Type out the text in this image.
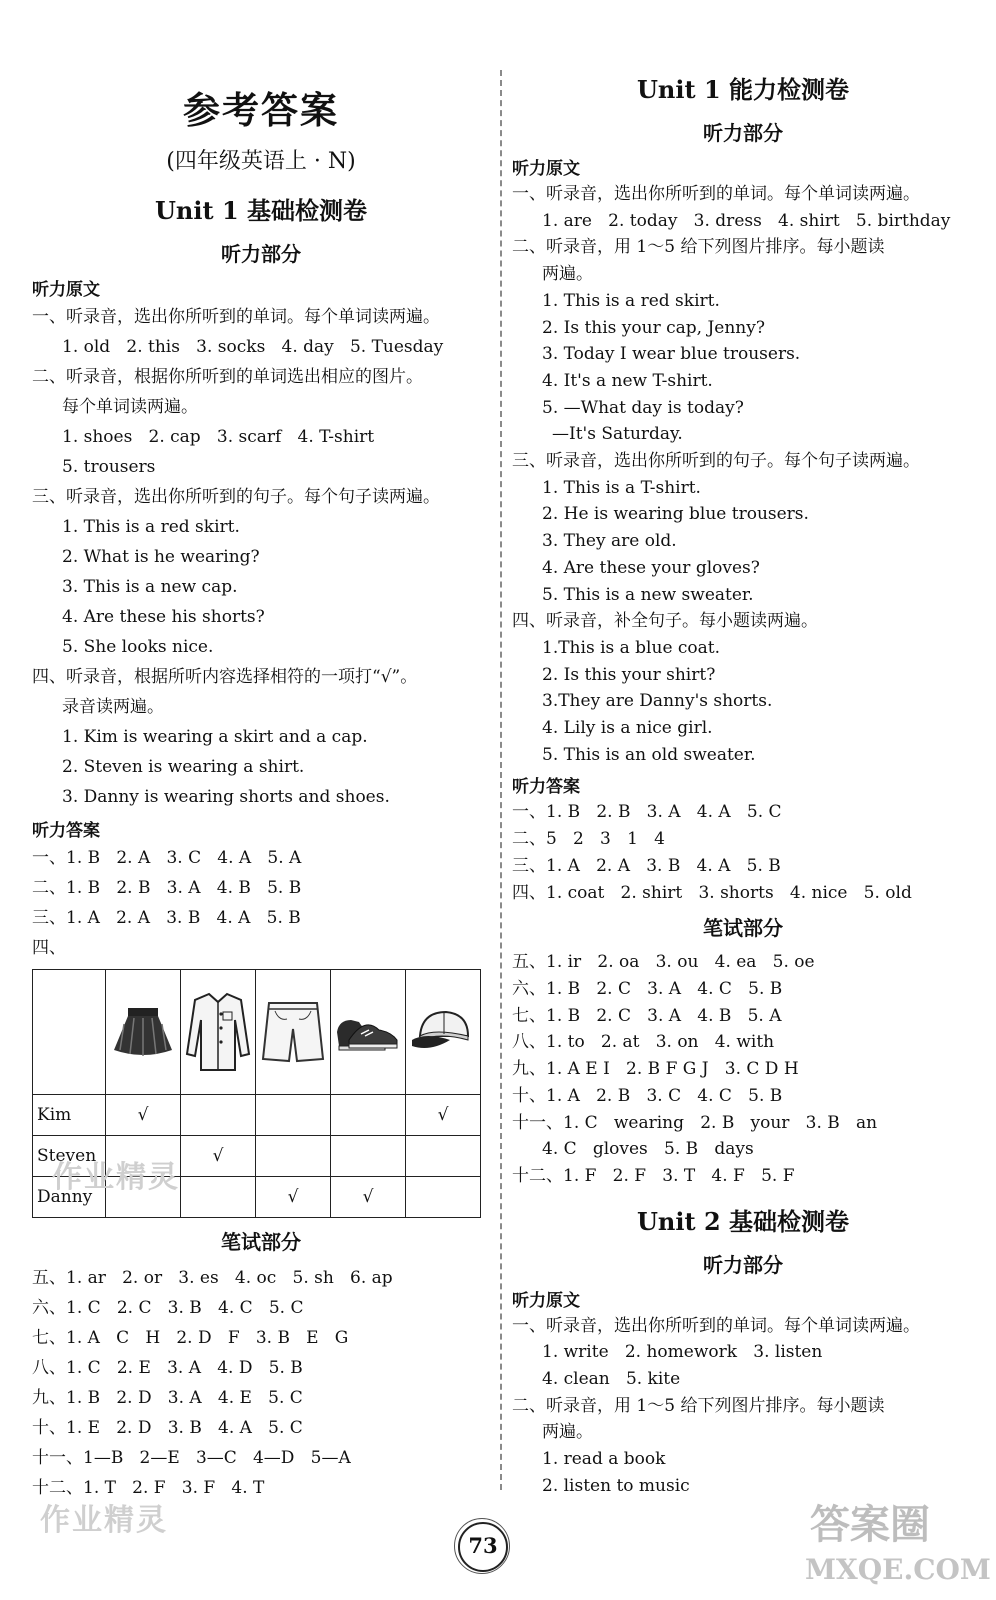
参考答案
(四年级英语上 · N)
Unit 1 基础检测卷
听力部分
听力原文
一、听录音，选出你所听到的单词。每个单词读两遍。
1. old   2. this   3. socks   4. day   5. Tuesday
二、听录音，根据你所听到的单词选出相应的图片。
每个单词读两遍。
1. shoes   2. cap   3. scarf   4. T-shirt
5. trousers
三、听录音，选出你所听到的句子。每个句子读两遍。
1. This is a red skirt.
2. What is he wearing?
3. This is a new cap.
4. Are these his shorts?
5. She looks nice.
四、听录音，根据所听内容选择相符的一项打“√”。
录音读两遍。
1. Kim is wearing a skirt and a cap.
2. Steven is wearing a shirt.
3. Danny is wearing shorts and shoes.
听力答案
一、1. B   2. A   3. C   4. A   5. A
二、1. B   2. B   3. A   4. B   5. B
三、1. A   2. A   3. B   4. A   5. B
四、

Kim	√				√
Steven		√			
Danny			√	√	
笔试部分
五、1. ar   2. or   3. es   4. oc   5. sh   6. ap
六、1. C   2. C   3. B   4. C   5. C
七、1. A   C   H   2. D   F   3. B   E   G
八、1. C   2. E   3. A   4. D   5. B
九、1. B   2. D   3. A   4. E   5. C
十、1. E   2. D   3. B   4. A   5. C
十一、1—B   2—E   3—C   4—D   5—A
十二、1. T   2. F   3. F   4. T
Unit 1 能力检测卷
听力部分
听力原文
一、听录音，选出你所听到的单词。每个单词读两遍。
1. are   2. today   3. dress   4. shirt   5. birthday
二、听录音，用 1～5 给下列图片排序。每小题读
两遍。
1. This is a red skirt.
2. Is this your cap, Jenny?
3. Today I wear blue trousers.
4. It's a new T-shirt.
5. —What day is today?
—It's Saturday.
三、听录音，选出你所听到的句子。每个句子读两遍。
1. This is a T-shirt.
2. He is wearing blue trousers.
3. They are old.
4. Are these your gloves?
5. This is a new sweater.
四、听录音，补全句子。每小题读两遍。
1.This is a blue coat.
2. Is this your shirt?
3.They are Danny's shorts.
4. Lily is a nice girl.
5. This is an old sweater.
听力答案
一、1. B   2. B   3. A   4. A   5. C
二、5   2   3   1   4
三、1. A   2. A   3. B   4. A   5. B
四、1. coat   2. shirt   3. shorts   4. nice   5. old
笔试部分
五、1. ir   2. oa   3. ou   4. ea   5. oe
六、1. B   2. C   3. A   4. C   5. B
七、1. B   2. C   3. A   4. B   5. A
八、1. to   2. at   3. on   4. with
九、1. A E I   2. B F G J   3. C D H
十、1. A   2. B   3. C   4. C   5. B
十一、1. C   wearing   2. B   your   3. B   an
4. C   gloves   5. B   days
十二、1. F   2. F   3. T   4. F   5. F
Unit 2 基础检测卷
听力部分
听力原文
一、听录音，选出你所听到的单词。每个单词读两遍。
1. write   2. homework   3. listen
4. clean   5. kite
二、听录音，用 1～5 给下列图片排序。每小题读
两遍。
1. read a book
2. listen to music
作业精灵
作业精灵
73	答案圈
MXQE.COM
